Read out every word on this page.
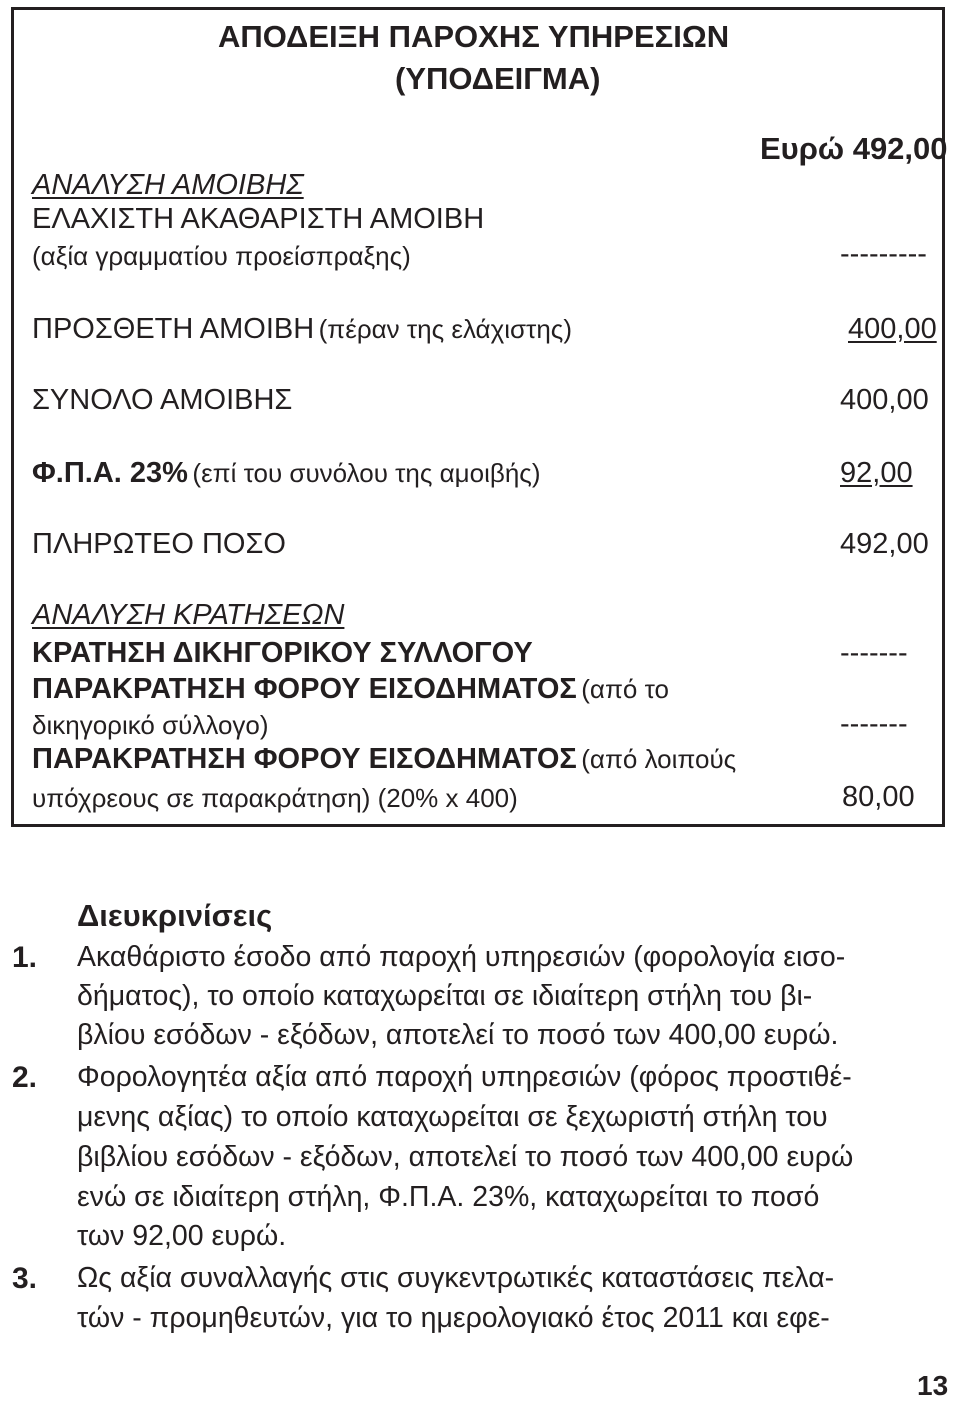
ΑΠΟΔΕΙΞΗ ΠΑΡΟΧΗΣ ΥΠΗΡΕΣΙΩΝ
(ΥΠΟΔΕΙΓΜΑ)
Ευρώ 492,00
ΑΝΑΛΥΣΗ ΑΜΟΙΒΗΣ
ΕΛΑΧΙΣΤΗ ΑΚΑΘΑΡΙΣΤΗ ΑΜΟΙΒΗ
(αξία γραμματίου προείσπραξης)	---------
ΠΡΟΣΘΕΤΗ ΑΜΟΙΒΗ (πέραν της ελάχιστης)	400,00
ΣΥΝΟΛΟ ΑΜΟΙΒΗΣ	400,00
Φ.Π.Α. 23% (επί του συνόλου της αμοιβής)	92,00
ΠΛΗΡΩΤΕΟ ΠΟΣΟ	492,00
ΑΝΑΛΥΣΗ ΚΡΑΤΗΣΕΩΝ
ΚΡΑΤΗΣΗ ΔΙΚΗΓΟΡΙΚΟΥ ΣΥΛΛΟΓΟΥ	-------
ΠΑΡΑΚΡΑΤΗΣΗ ΦΟΡΟΥ ΕΙΣΟΔΗΜΑΤΟΣ (από το
δικηγορικό σύλλογο)	-------
ΠΑΡΑΚΡΑΤΗΣΗ ΦΟΡΟΥ ΕΙΣΟΔΗΜΑΤΟΣ (από λοιπούς
υπόχρεους σε παρακράτηση) (20% x 400)	80,00
Διευκρινίσεις
1. Ακαθάριστο έσοδο από παροχή υπηρεσιών (φορολογία εισο-
δήματος), το οποίο καταχωρείται σε ιδιαίτερη στήλη του βι-
βλίου εσόδων - εξόδων, αποτελεί το ποσό των 400,00 ευρώ.
2. Φορολογητέα αξία από παροχή υπηρεσιών (φόρος προστιθέ-
μενης αξίας) το οποίο καταχωρείται σε ξεχωριστή στήλη του
βιβλίου εσόδων - εξόδων, αποτελεί το ποσό των 400,00 ευρώ
ενώ σε ιδιαίτερη στήλη, Φ.Π.Α. 23%, καταχωρείται το ποσό
των 92,00 ευρώ.
3. Ως αξία συναλλαγής στις συγκεντρωτικές καταστάσεις πελα-
τών - προμηθευτών, για το ημερολογιακό έτος 2011 και εφε-
13
